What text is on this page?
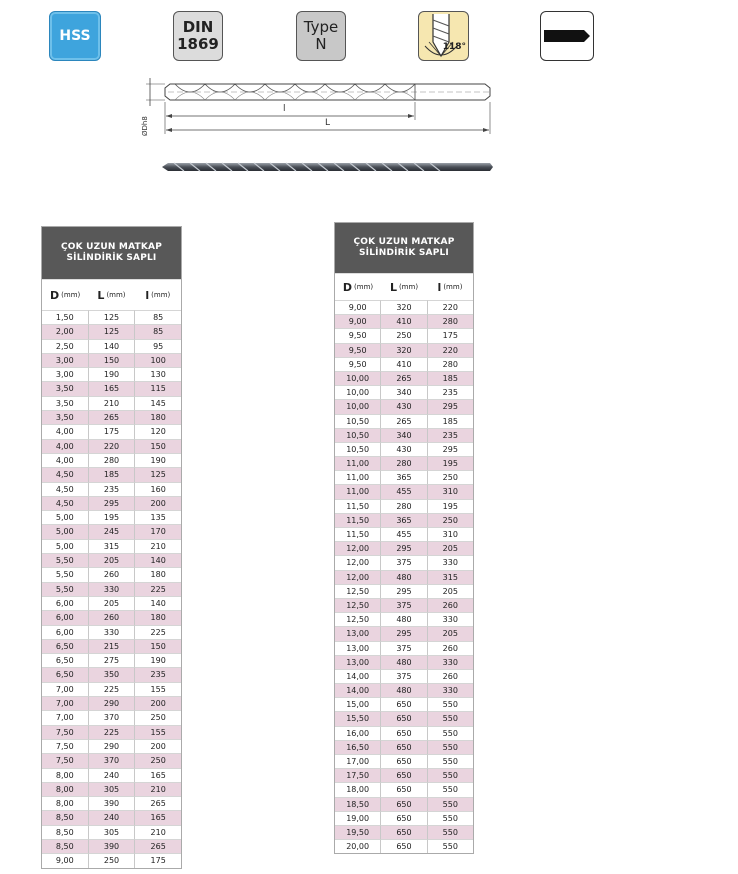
HSS	DIN
1869
Type
N	118°
l
L
ØDh8
ÇOK UZUN MATKAP
SİLİNDİRİK SAPLI
D (mm) L (mm) l (mm)
1,50	125	85
2,00	125	85
2,50	140	95
3,00	150	100
3,00	190	130
3,50	165	115
3,50	210	145
3,50	265	180
4,00	175	120
4,00	220	150
4,00	280	190
4,50	185	125
4,50	235	160
4,50	295	200
5,00	195	135
5,00	245	170
5,00	315	210
5,50	205	140
5,50	260	180
5,50	330	225
6,00	205	140
6,00	260	180
6,00	330	225
6,50	215	150
6,50	275	190
6,50	350	235
7,00	225	155
7,00	290	200
7,00	370	250
7,50	225	155
7,50	290	200
7,50	370	250
8,00	240	165
8,00	305	210
8,00	390	265
8,50	240	165
8,50	305	210
8,50	390	265
9,00	250	175
ÇOK UZUN MATKAP
SİLİNDİRİK SAPLI
D (mm) L (mm) l (mm)
9,00	320	220
9,00	410	280
9,50	250	175
9,50	320	220
9,50	410	280
10,00	265	185
10,00	340	235
10,00	430	295
10,50	265	185
10,50	340	235
10,50	430	295
11,00	280	195
11,00	365	250
11,00	455	310
11,50	280	195
11,50	365	250
11,50	455	310
12,00	295	205
12,00	375	330
12,00	480	315
12,50	295	205
12,50	375	260
12,50	480	330
13,00	295	205
13,00	375	260
13,00	480	330
14,00	375	260
14,00	480	330
15,00	650	550
15,50	650	550
16,00	650	550
16,50	650	550
17,00	650	550
17,50	650	550
18,00	650	550
18,50	650	550
19,00	650	550
19,50	650	550
20,00	650	550
